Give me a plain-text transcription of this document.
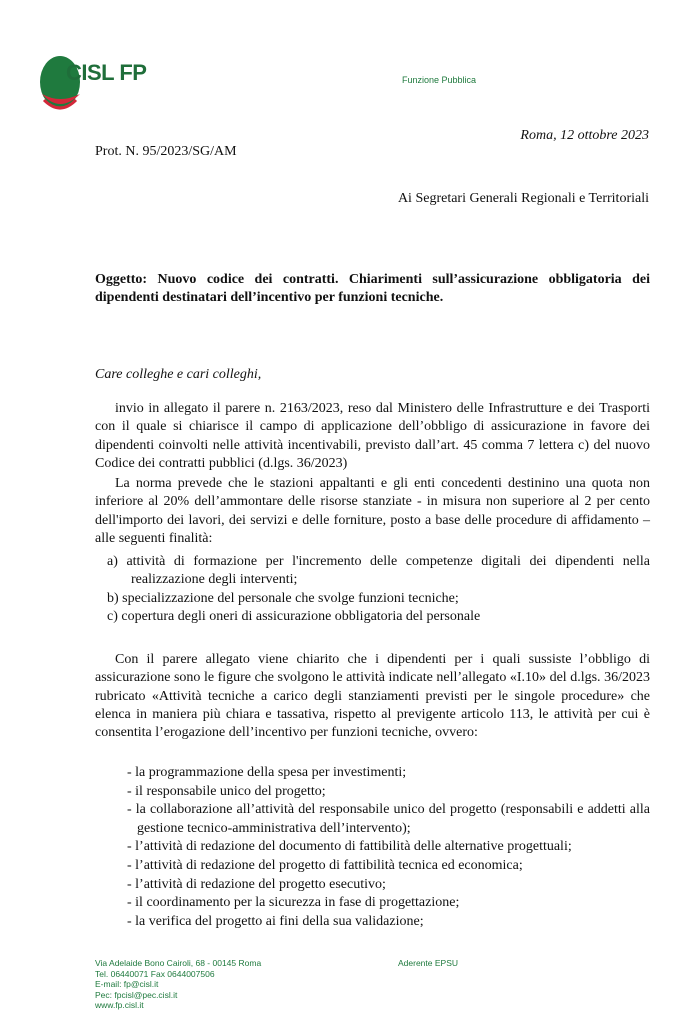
CISL FP	Funzione Pubblica
Roma, 12 ottobre 2023
Prot. N. 95/2023/SG/AM
Ai Segretari Generali Regionali e Territoriali
Oggetto: Nuovo codice dei contratti. Chiarimenti sull’assicurazione obbligatoria dei dipendenti destinatari dell’incentivo per funzioni tecniche.
Care colleghe e cari colleghi,
invio in allegato il parere n. 2163/2023, reso dal Ministero delle Infrastrutture e dei Trasporti con il quale si chiarisce il campo di applicazione dell’obbligo di assicurazione in favore dei dipendenti coinvolti nelle attività incentivabili, previsto dall’art. 45 comma 7 lettera c) del nuovo Codice dei contratti pubblici (d.lgs. 36/2023)
La norma prevede che le stazioni appaltanti e gli enti concedenti destinino una quota non inferiore al 20% dell’ammontare delle risorse stanziate - in misura non superiore al 2 per cento dell'importo dei lavori, dei servizi e delle forniture, posto a base delle procedure di affidamento – alle seguenti finalità:
a) attività di formazione per l'incremento delle competenze digitali dei dipendenti nella realizzazione degli interventi;
b) specializzazione del personale che svolge funzioni tecniche;
c) copertura degli oneri di assicurazione obbligatoria del personale
Con il parere allegato viene chiarito che i dipendenti per i quali sussiste l’obbligo di assicurazione sono le figure che svolgono le attività indicate nell’allegato «I.10» del d.lgs. 36/2023 rubricato «Attività tecniche a carico degli stanziamenti previsti per le singole procedure» che elenca in maniera più chiara e tassativa, rispetto al previgente articolo 113, le attività per cui è consentita l’erogazione dell’incentivo per funzioni tecniche, ovvero:
- la programmazione della spesa per investimenti;
- il responsabile unico del progetto;
- la collaborazione all’attività del responsabile unico del progetto (responsabili e addetti alla gestione tecnico-amministrativa dell’intervento);
- l’attività di redazione del documento di fattibilità delle alternative progettuali;
- l’attività di redazione del progetto di fattibilità tecnica ed economica;
- l’attività di redazione del progetto esecutivo;
- il coordinamento per la sicurezza in fase di progettazione;
- la verifica del progetto ai fini della sua validazione;
Via Adelaide Bono Cairoli, 68 - 00145 Roma
Tel. 06440071 Fax 0644007506
E-mail: fp@cisl.it
Pec: fpcisl@pec.cisl.it
www.fp.cisl.it
Aderente EPSU
